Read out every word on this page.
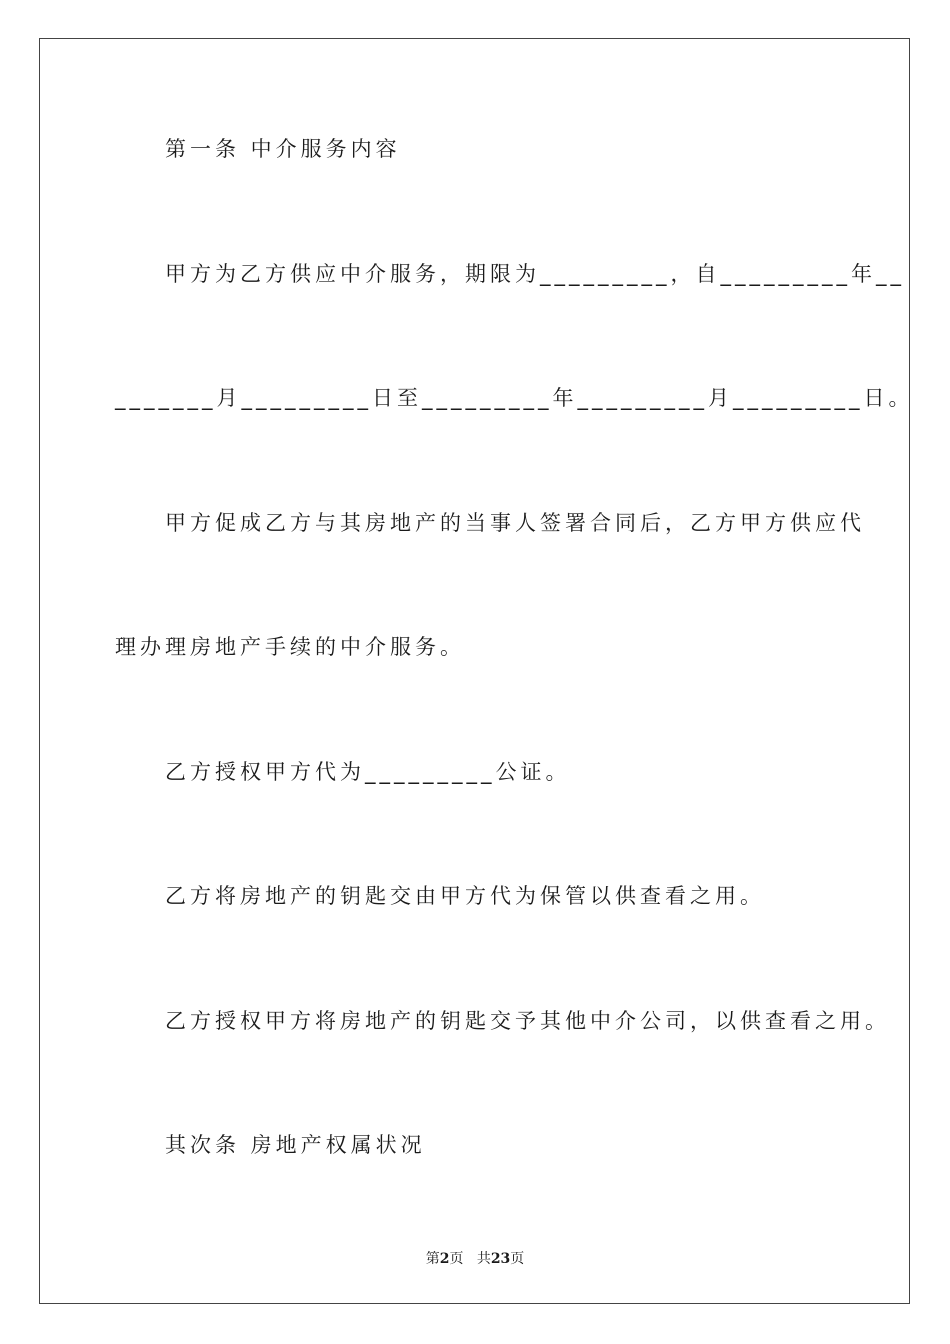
第一条 中介服务内容
甲方为乙方供应中介服务，期限为_________，自_________年__
_______月_________日至_________年_________月_________日。
甲方促成乙方与其房地产的当事人签署合同后，乙方甲方供应代
理办理房地产手续的中介服务。
乙方授权甲方代为_________公证。
乙方将房地产的钥匙交由甲方代为保管以供查看之用。
乙方授权甲方将房地产的钥匙交予其他中介公司，以供查看之用。
其次条 房地产权属状况
第2页 共23页
